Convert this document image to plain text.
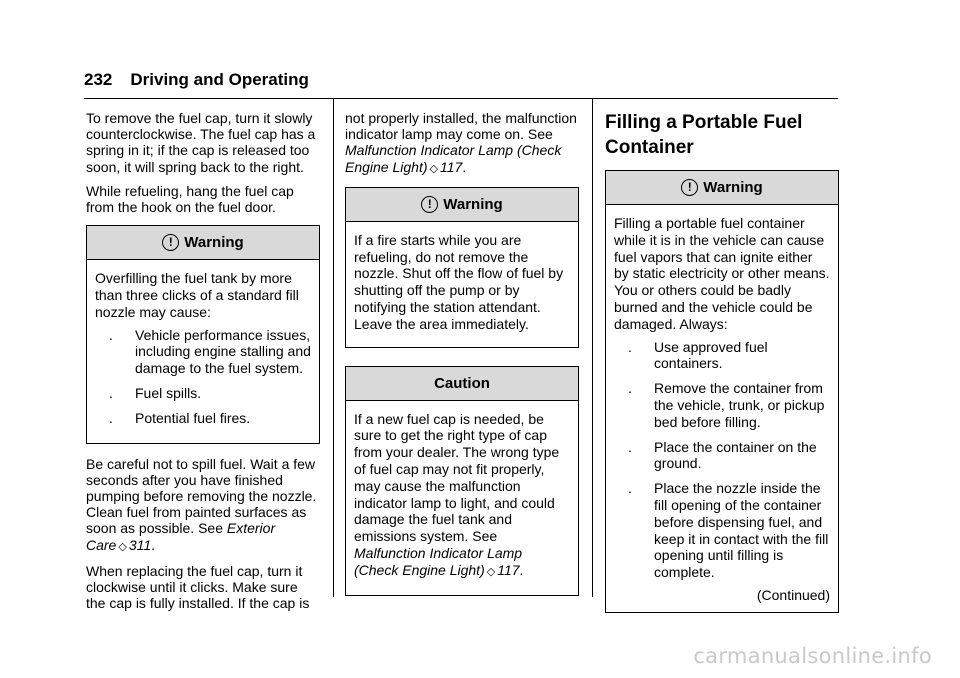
232 Driving and Operating

To remove the fuel cap, turn it slowly counterclockwise. The fuel cap has a spring in it; if the cap is released too soon, it will spring back to the right.

While refueling, hang the fuel cap from the hook on the fuel door.

! Warning

Overfilling the fuel tank by more than three clicks of a standard fill nozzle may cause:

. Vehicle performance issues, including engine stalling and damage to the fuel system.
. Fuel spills.
. Potential fuel fires.

Be careful not to spill fuel. Wait a few seconds after you have finished pumping before removing the nozzle. Clean fuel from painted surfaces as soon as possible. See Exterior Care ◇ 311.

When replacing the fuel cap, turn it clockwise until it clicks. Make sure the cap is fully installed. If the cap is

not properly installed, the malfunction indicator lamp may come on. See Malfunction Indicator Lamp (Check Engine Light) ◇ 117.

! Warning

If a fire starts while you are refueling, do not remove the nozzle. Shut off the flow of fuel by shutting off the pump or by notifying the station attendant. Leave the area immediately.

Caution

If a new fuel cap is needed, be sure to get the right type of cap from your dealer. The wrong type of fuel cap may not fit properly, may cause the malfunction indicator lamp to light, and could damage the fuel tank and emissions system. See Malfunction Indicator Lamp (Check Engine Light) ◇ 117.

Filling a Portable Fuel Container
! Warning

Filling a portable fuel container while it is in the vehicle can cause fuel vapors that can ignite either by static electricity or other means. You or others could be badly burned and the vehicle could be damaged. Always:

. Use approved fuel containers.
. Remove the container from the vehicle, trunk, or pickup bed before filling.
. Place the container on the ground.
. Place the nozzle inside the fill opening of the container before dispensing fuel, and keep it in contact with the fill opening until filling is complete.
(Continued)
carmanualsonline.info
